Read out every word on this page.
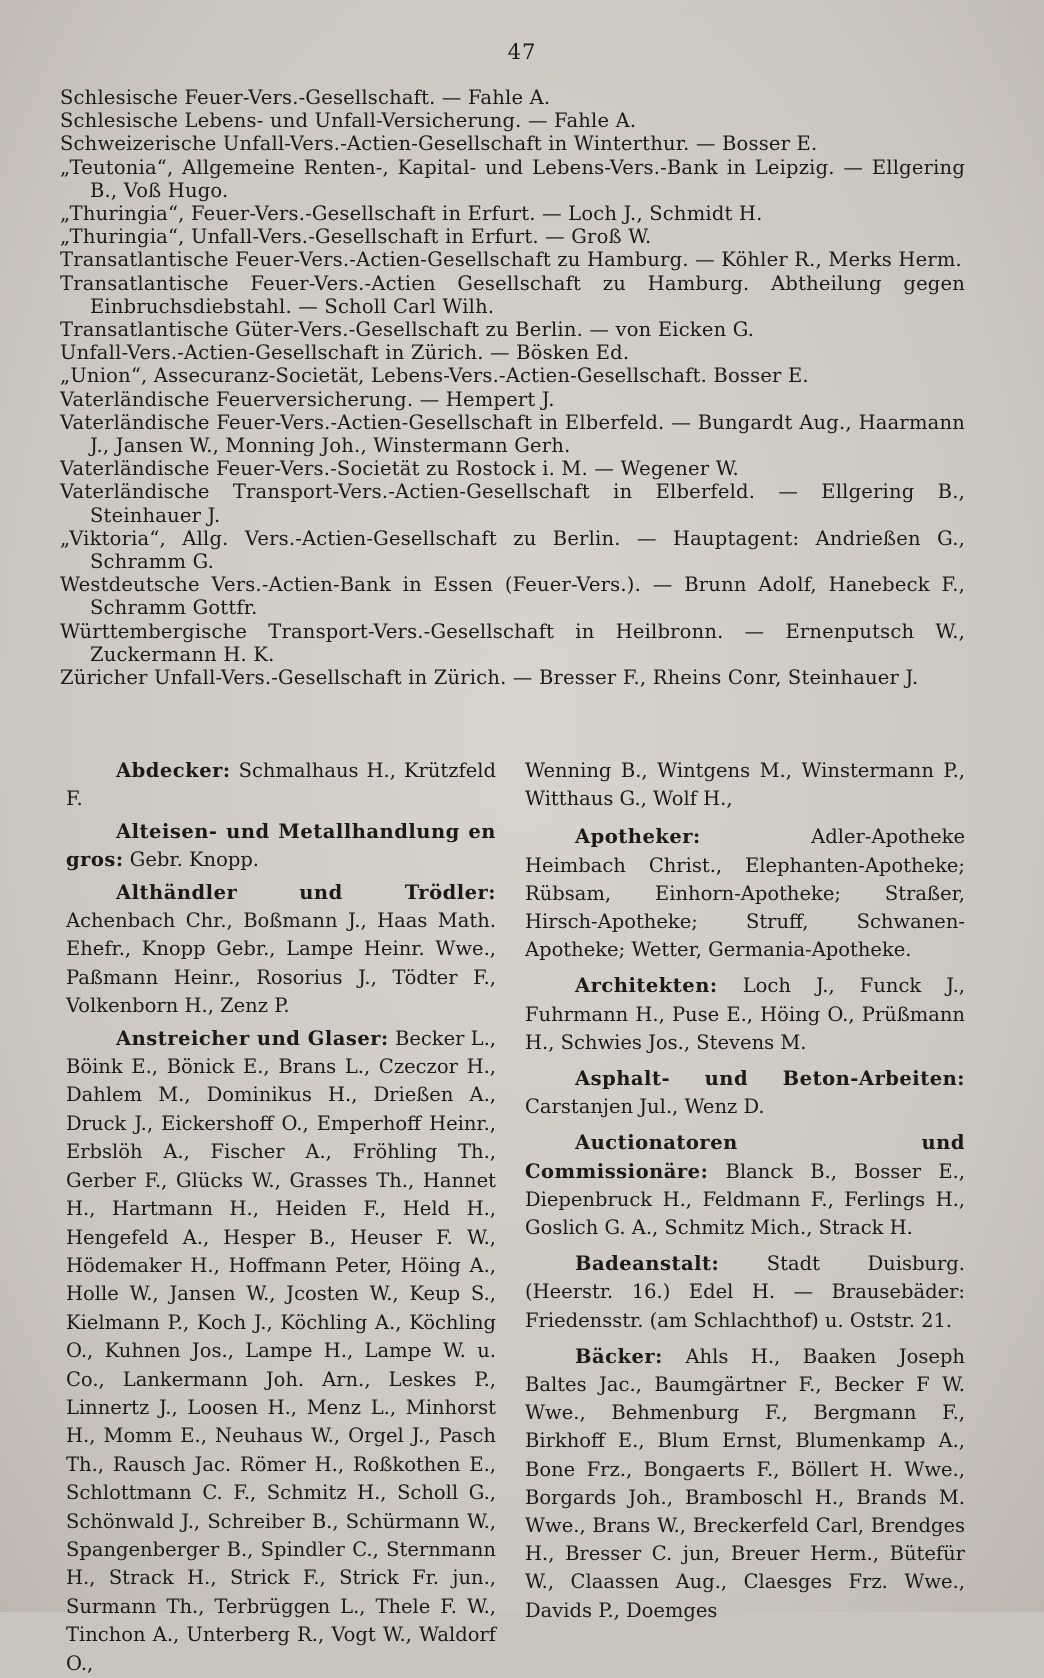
47
Schlesische Feuer-Vers.-Gesellschaft. — Fahle A.
Schlesische Lebens- und Unfall-Versicherung. — Fahle A.
Schweizerische Unfall-Vers.-Actien-Gesellschaft in Winterthur. — Bosser E.
„Teutonia“, Allgemeine Renten-, Kapital- und Lebens-Vers.-Bank in Leipzig. — Ellgering B., Voß Hugo.
„Thuringia“, Feuer-Vers.-Gesellschaft in Erfurt. — Loch J., Schmidt H.
„Thuringia“, Unfall-Vers.-Gesellschaft in Erfurt. — Groß W.
Transatlantische Feuer-Vers.-Actien-Gesellschaft zu Hamburg. — Köhler R., Merks Herm.
Transatlantische Feuer-Vers.-Actien Gesellschaft zu Hamburg. Abtheilung gegen Einbruchsdiebstahl. — Scholl Carl Wilh.
Transatlantische Güter-Vers.-Gesellschaft zu Berlin. — von Eicken G.
Unfall-Vers.-Actien-Gesellschaft in Zürich. — Bösken Ed.
„Union“, Assecuranz-Societät, Lebens-Vers.-Actien-Gesellschaft. Bosser E.
Vaterländische Feuerversicherung. — Hempert J.
Vaterländische Feuer-Vers.-Actien-Gesellschaft in Elberfeld. — Bungardt Aug., Haarmann J., Jansen W., Monning Joh., Winstermann Gerh.
Vaterländische Feuer-Vers.-Societät zu Rostock i. M. — Wegener W.
Vaterländische Transport-Vers.-Actien-Gesellschaft in Elberfeld. — Ellgering B., Steinhauer J.
„Viktoria“, Allg. Vers.-Actien-Gesellschaft zu Berlin. — Hauptagent: Andrießen G., Schramm G.
Westdeutsche Vers.-Actien-Bank in Essen (Feuer-Vers.). — Brunn Adolf, Hanebeck F., Schramm Gottfr.
Württembergische Transport-Vers.-Gesellschaft in Heilbronn. — Ernenputsch W., Zuckermann H. K.
Züricher Unfall-Vers.-Gesellschaft in Zürich. — Bresser F., Rheins Conr, Steinhauer J.

Abdecker: Schmalhaus H., Krützfeld F.

Alteisen- und Metallhandlung en gros: Gebr. Knopp.

Althändler und Trödler: Achenbach Chr., Boßmann J., Haas Math. Ehefr., Knopp Gebr., Lampe Heinr. Wwe., Paßmann Heinr., Rosorius J., Tödter F., Volkenborn H., Zenz P.

Anstreicher und Glaser: Becker L., Böink E., Bönick E., Brans L., Czeczor H., Dahlem M., Dominikus H., Drießen A., Druck J., Eickershoff O., Emperhoff Heinr., Erbslöh A., Fischer A., Fröhling Th., Gerber F., Glücks W., Grasses Th., Hannet H., Hartmann H., Heiden F., Held H., Hengefeld A., Hesper B., Heuser F. W., Hödemaker H., Hoffmann Peter, Höing A., Holle W., Jansen W., Jcosten W., Keup S., Kielmann P., Koch J., Köchling A., Köchling O., Kuhnen Jos., Lampe H., Lampe W. u. Co., Lankermann Joh. Arn., Leskes P., Linnertz J., Loosen H., Menz L., Minhorst H., Momm E., Neuhaus W., Orgel J., Pasch Th., Rausch Jac. Römer H., Roßkothen E., Schlottmann C. F., Schmitz H., Scholl G., Schönwald J., Schreiber B., Schürmann W., Spangenberger B., Spindler C., Sternmann H., Strack H., Strick F., Strick Fr. jun., Surmann Th., Terbrüggen L., Thele F. W., Tinchon A., Unterberg R., Vogt W., Waldorf O.,

Wenning B., Wintgens M., Winstermann P., Witthaus G., Wolf H.,

Apotheker:	Adler-Apotheke Heimbach Christ., Elephanten-Apotheke; Rübsam, Einhorn-Apotheke; Straßer, Hirsch-Apotheke; Struff, Schwanen-Apotheke; Wetter, Germania-Apotheke.

Architekten: Loch J., Funck J., Fuhrmann H., Puse E., Höing O., Prüßmann H., Schwies Jos., Stevens M.

Asphalt- und Beton-Arbeiten: Carstanjen Jul., Wenz D.

Auctionatoren und Commissionäre: Blanck B., Bosser E., Diepenbruck H., Feldmann F., Ferlings H., Goslich G. A., Schmitz Mich., Strack H.

Badeanstalt: Stadt Duisburg. (Heerstr. 16.) Edel H. — Brausebäder: Friedensstr. (am Schlachthof) u. Oststr. 21.

Bäcker: Ahls H., Baaken Joseph Baltes Jac., Baumgärtner F., Becker F W. Wwe., Behmenburg F., Bergmann F., Birkhoff E., Blum Ernst, Blumenkamp A., Bone Frz., Bongaerts F., Böllert H. Wwe., Borgards Joh., Bramboschl H., Brands M. Wwe., Brans W., Breckerfeld Carl, Brendges H., Bresser C. jun, Breuer Herm., Bütefür W., Claassen Aug., Claesges Frz. Wwe., Davids P., Doemges
